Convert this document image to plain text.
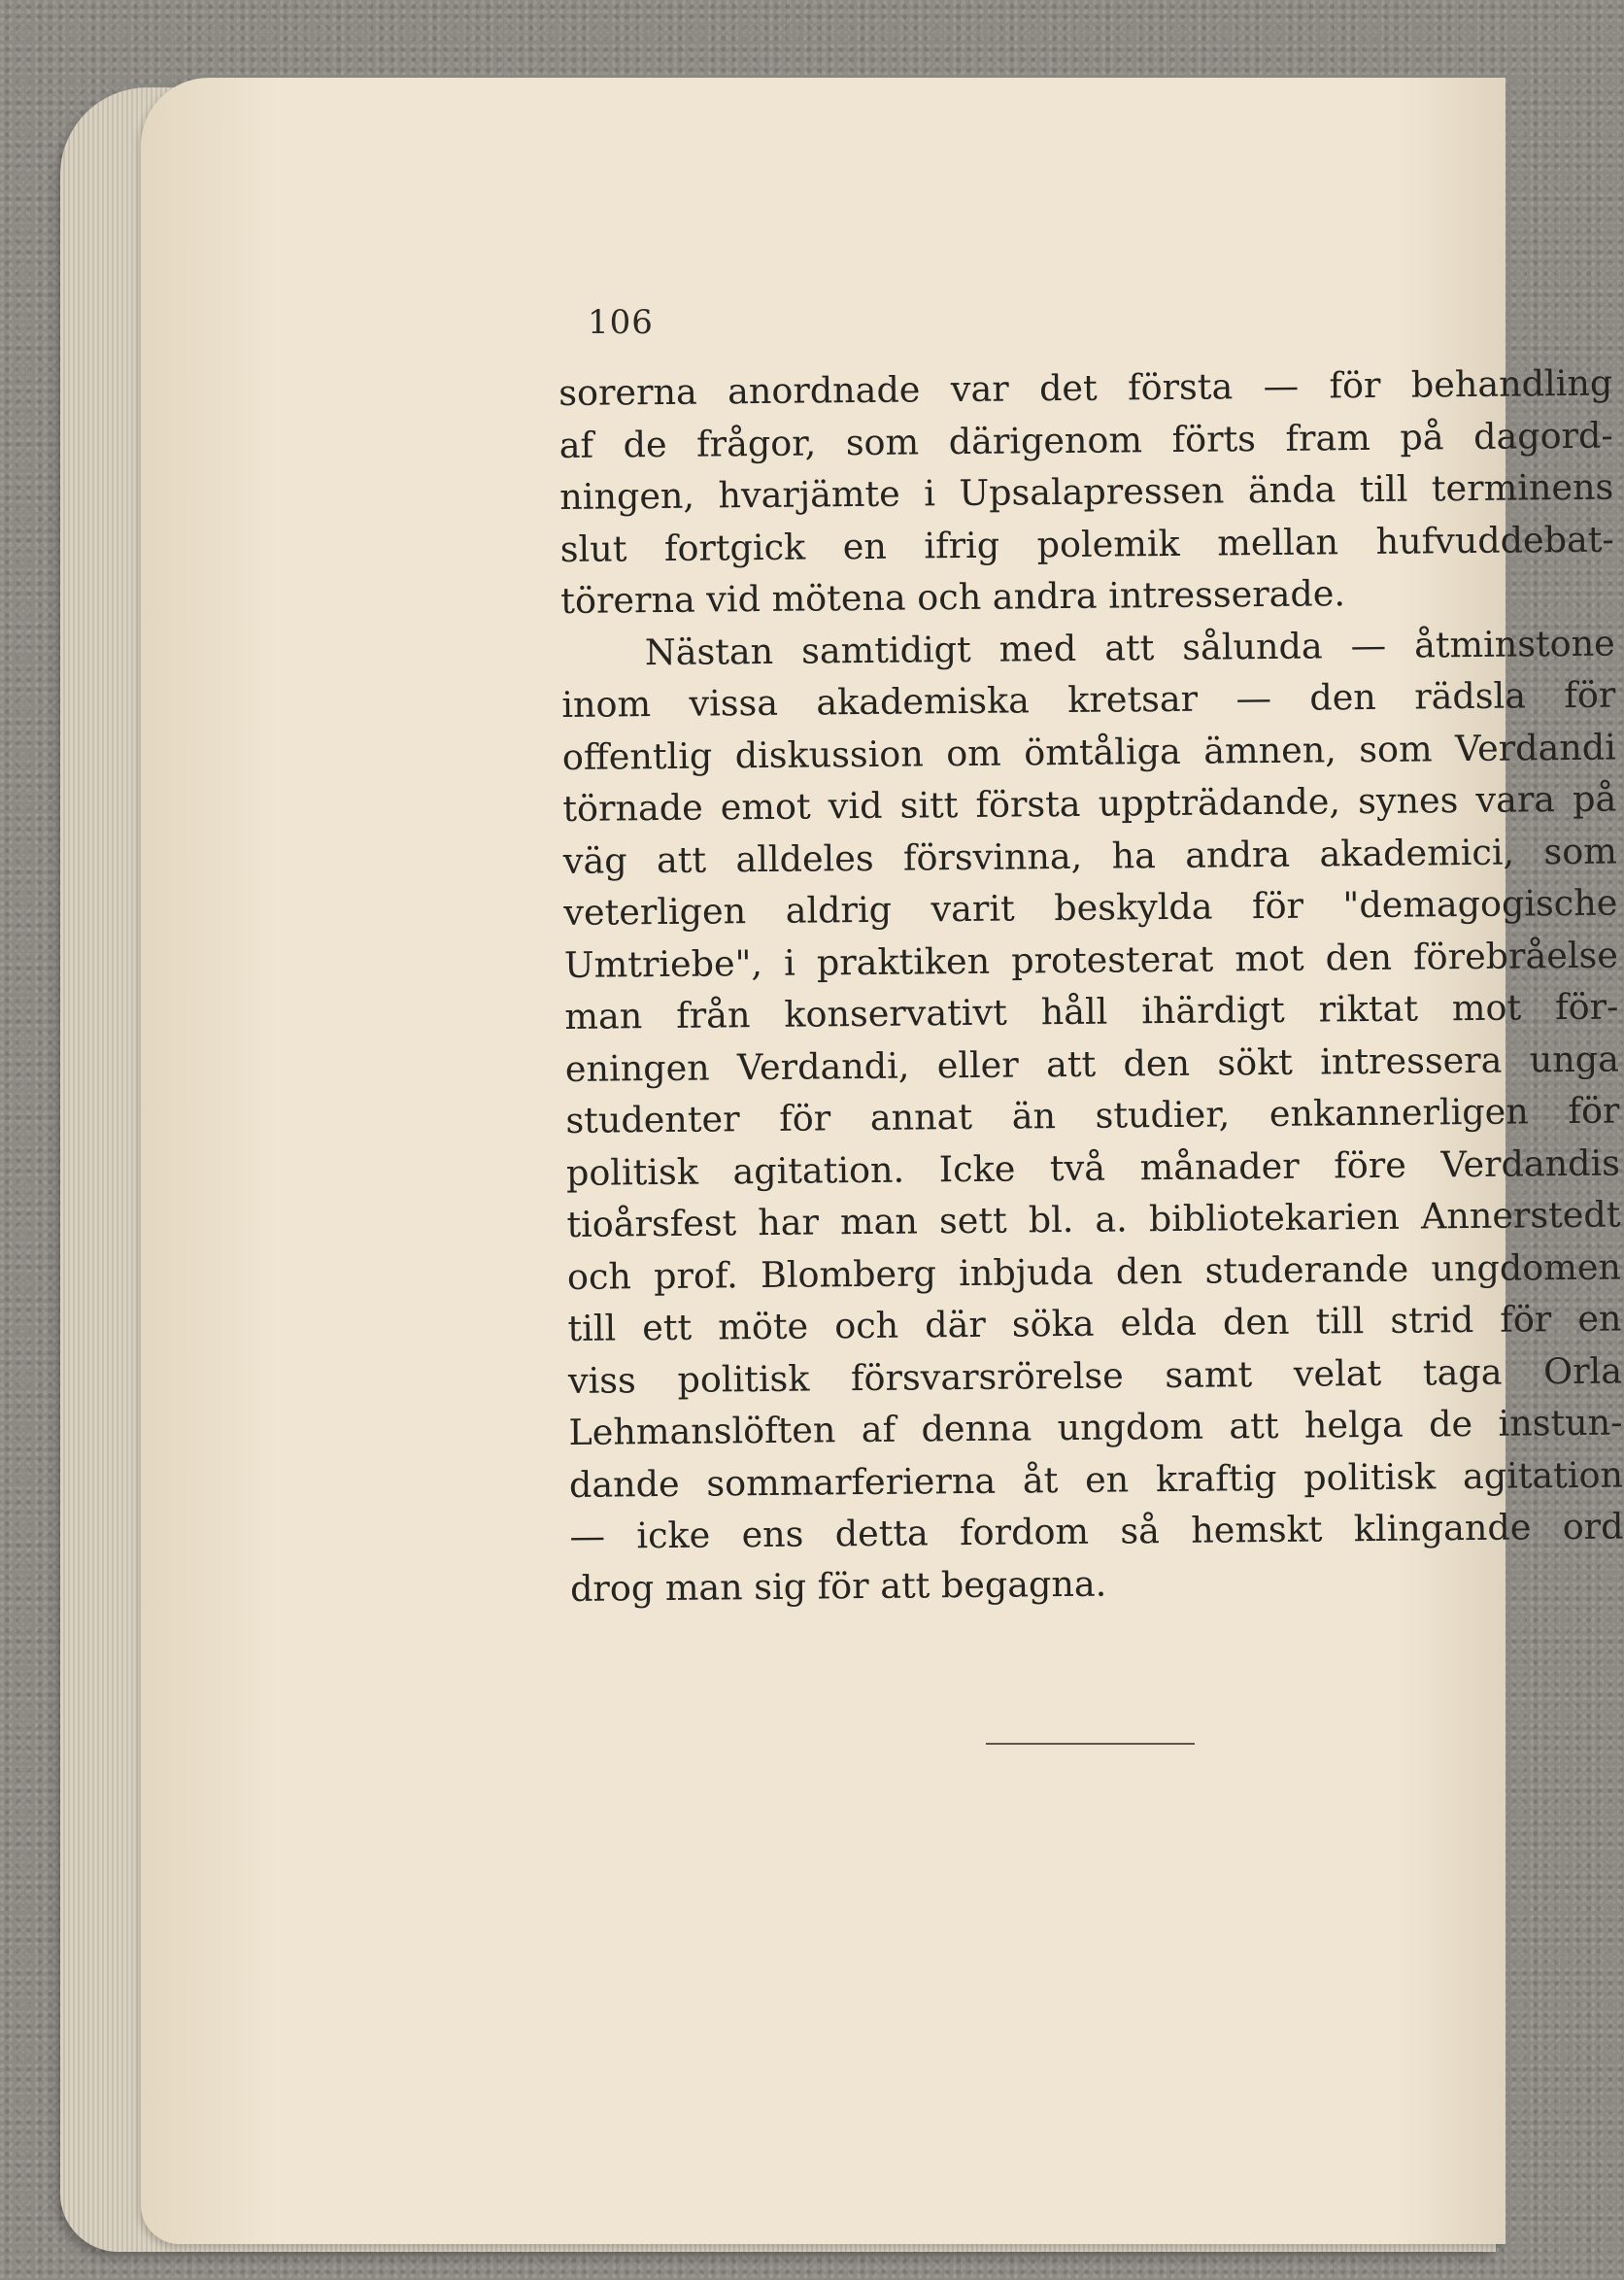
106
sorerna anordnade var det första — för behandling
af de frågor, som därigenom förts fram på dagord-
ningen, hvarjämte i Upsalapressen ända till terminens
slut fortgick en ifrig polemik mellan hufvuddebat-
törerna vid mötena och andra intresserade.
Nästan samtidigt med att sålunda — åtminstone
inom vissa akademiska kretsar — den rädsla för
offentlig diskussion om ömtåliga ämnen, som Verdandi
törnade emot vid sitt första uppträdande, synes vara på
väg att alldeles försvinna, ha andra akademici, som
veterligen aldrig varit beskylda för "demagogische
Umtriebe", i praktiken protesterat mot den förebråelse
man från konservativt håll ihärdigt riktat mot för-
eningen Verdandi, eller att den sökt intressera unga
studenter för annat än studier, enkannerligen för
politisk agitation. Icke två månader före Verdandis
tioårsfest har man sett bl. a. bibliotekarien Annerstedt
och prof. Blomberg inbjuda den studerande ungdomen
till ett möte och där söka elda den till strid för en
viss politisk försvarsrörelse samt velat taga Orla
Lehmanslöften af denna ungdom att helga de instun-
dande sommarferierna åt en kraftig politisk agitation
— icke ens detta fordom så hemskt klingande ord
drog man sig för att begagna.
